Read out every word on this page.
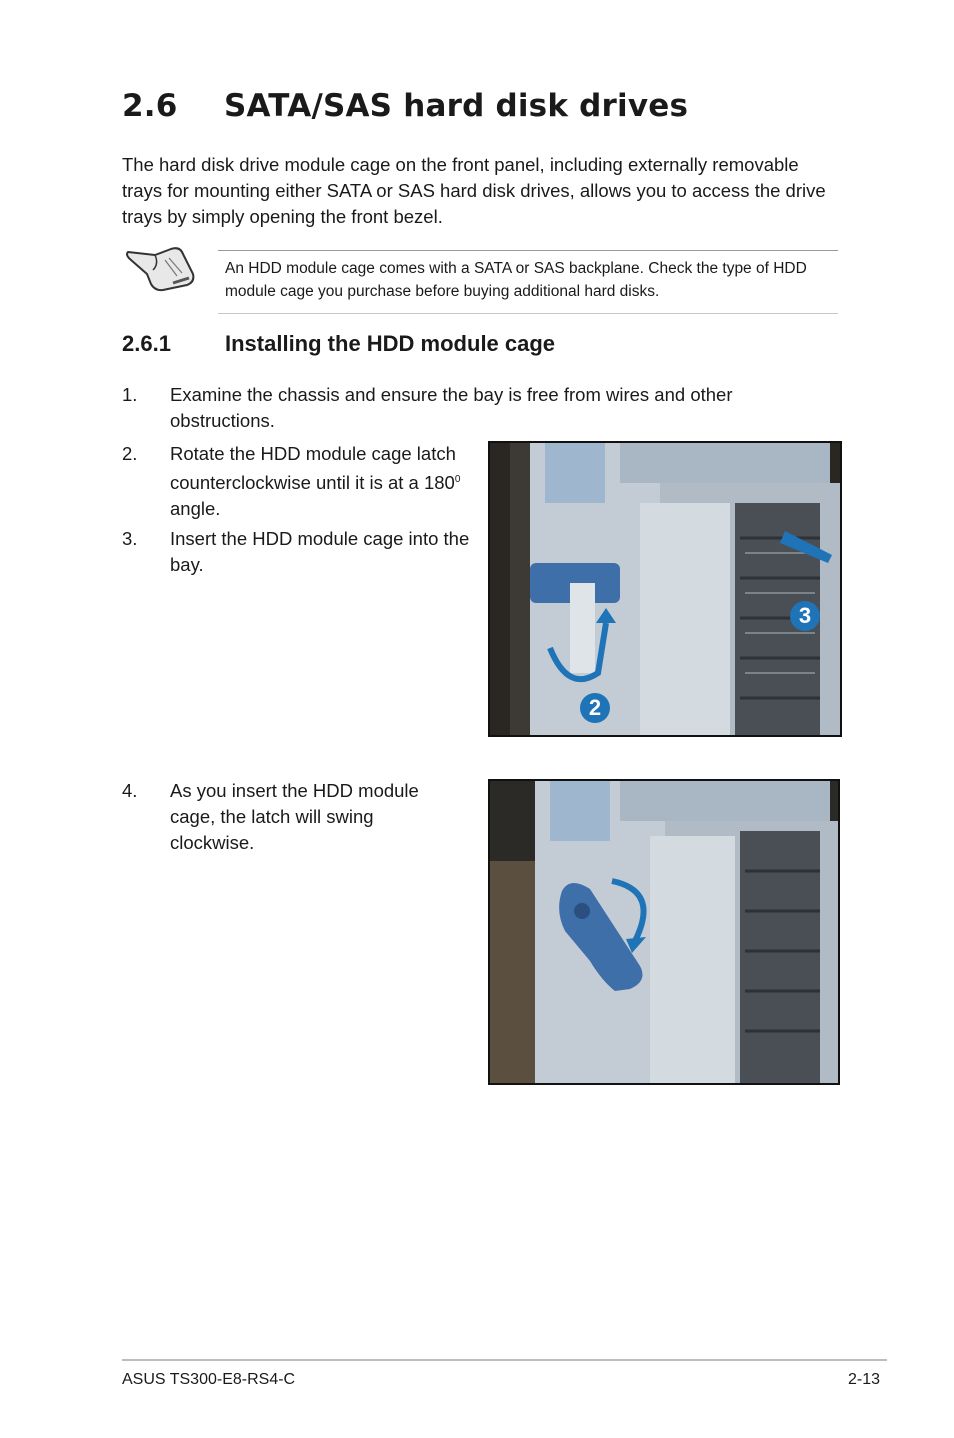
2.6 SATA/SAS hard disk drives
The hard disk drive module cage on the front panel, including externally removable trays for mounting either SATA or SAS hard disk drives, allows you to access the drive trays by simply opening the front bezel.
An HDD module cage comes with a SATA or SAS backplane. Check the type of HDD module cage you purchase before buying additional hard disks.
2.6.1 Installing the HDD module cage
1. Examine the chassis and ensure the bay is free from wires and other obstructions.
2. Rotate the HDD module cage latch counterclockwise until it is at a $180^0$ angle.
3. Insert the HDD module cage into the bay.
4. As you insert the HDD module cage, the latch will swing clockwise.
3
2
ASUS TS300-E8-RS4-C	2-13
